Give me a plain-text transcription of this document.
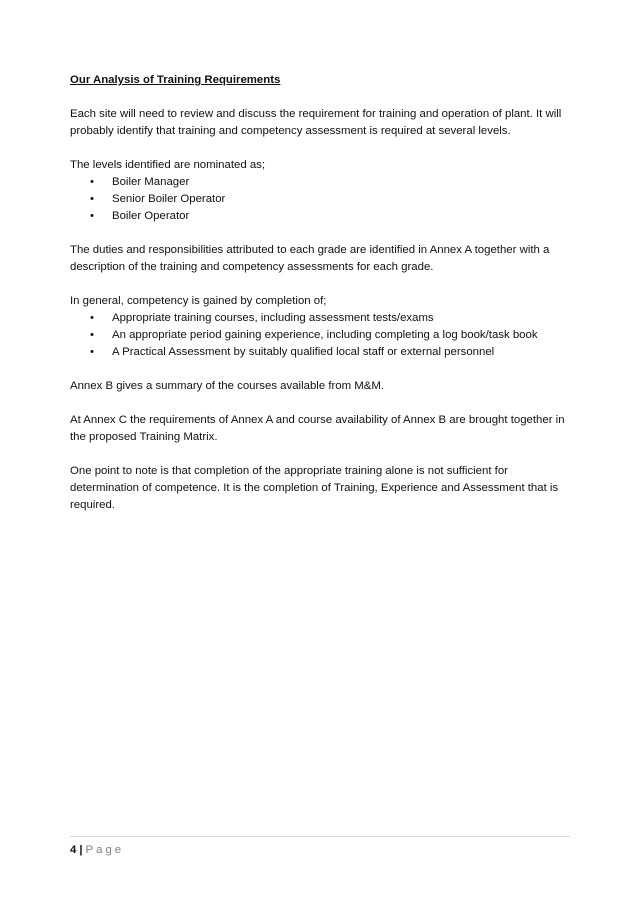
Our Analysis of Training Requirements

Each site will need to review and discuss the requirement for training and operation of plant. It will probably identify that training and competency assessment is required at several levels.

The levels identified are nominated as;

• Boiler Manager
• Senior Boiler Operator
• Boiler Operator

The duties and responsibilities attributed to each grade are identified in Annex A together with a description of the training and competency assessments for each grade.

In general, competency is gained by completion of;

• Appropriate training courses, including assessment tests/exams
• An appropriate period gaining experience, including completing a log book/task book
• A Practical Assessment by suitably qualified local staff or external personnel

Annex B gives a summary of the courses available from M&M.

At Annex C the requirements of Annex A and course availability of Annex B are brought together in the proposed Training Matrix.

One point to note is that completion of the appropriate training alone is not sufficient for determination of competence. It is the completion of Training, Experience and Assessment that is required.

4 | Page
